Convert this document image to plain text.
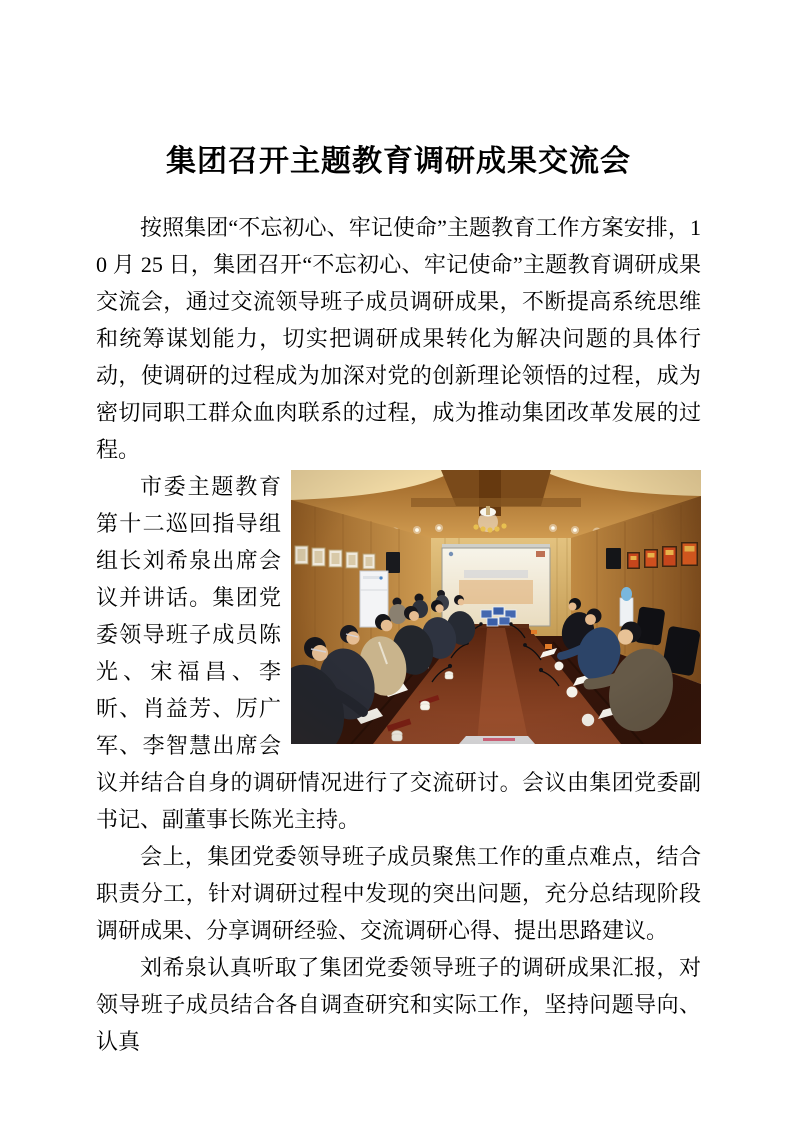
集团召开主题教育调研成果交流会

按照集团“不忘初心、牢记使命”主题教育工作方案安排，10 月 25 日，集团召开“不忘初心、牢记使命”主题教育调研成果交流会，通过交流领导班子成员调研成果，不断提高系统思维和统筹谋划能力，切实把调研成果转化为解决问题的具体行动，使调研的过程成为加深对党的创新理论领悟的过程，成为密切同职工群众血肉联系的过程，成为推动集团改革发展的过程。

市委主题教育第十二巡回指导组组长刘希泉出席会议并讲话。集团党委领导班子成员陈光、宋福昌、李昕、肖益芳、厉广军、李智慧出席会议并结合自身的调研情况进行了交流研讨。会议由集团党委副书记、副董事长陈光主持。

会上，集团党委领导班子成员聚焦工作的重点难点，结合职责分工，针对调研过程中发现的突出问题，充分总结现阶段调研成果、分享调研经验、交流调研心得、提出思路建议。

刘希泉认真听取了集团党委领导班子的调研成果汇报，对领导班子成员结合各自调查研究和实际工作，坚持问题导向、认真
